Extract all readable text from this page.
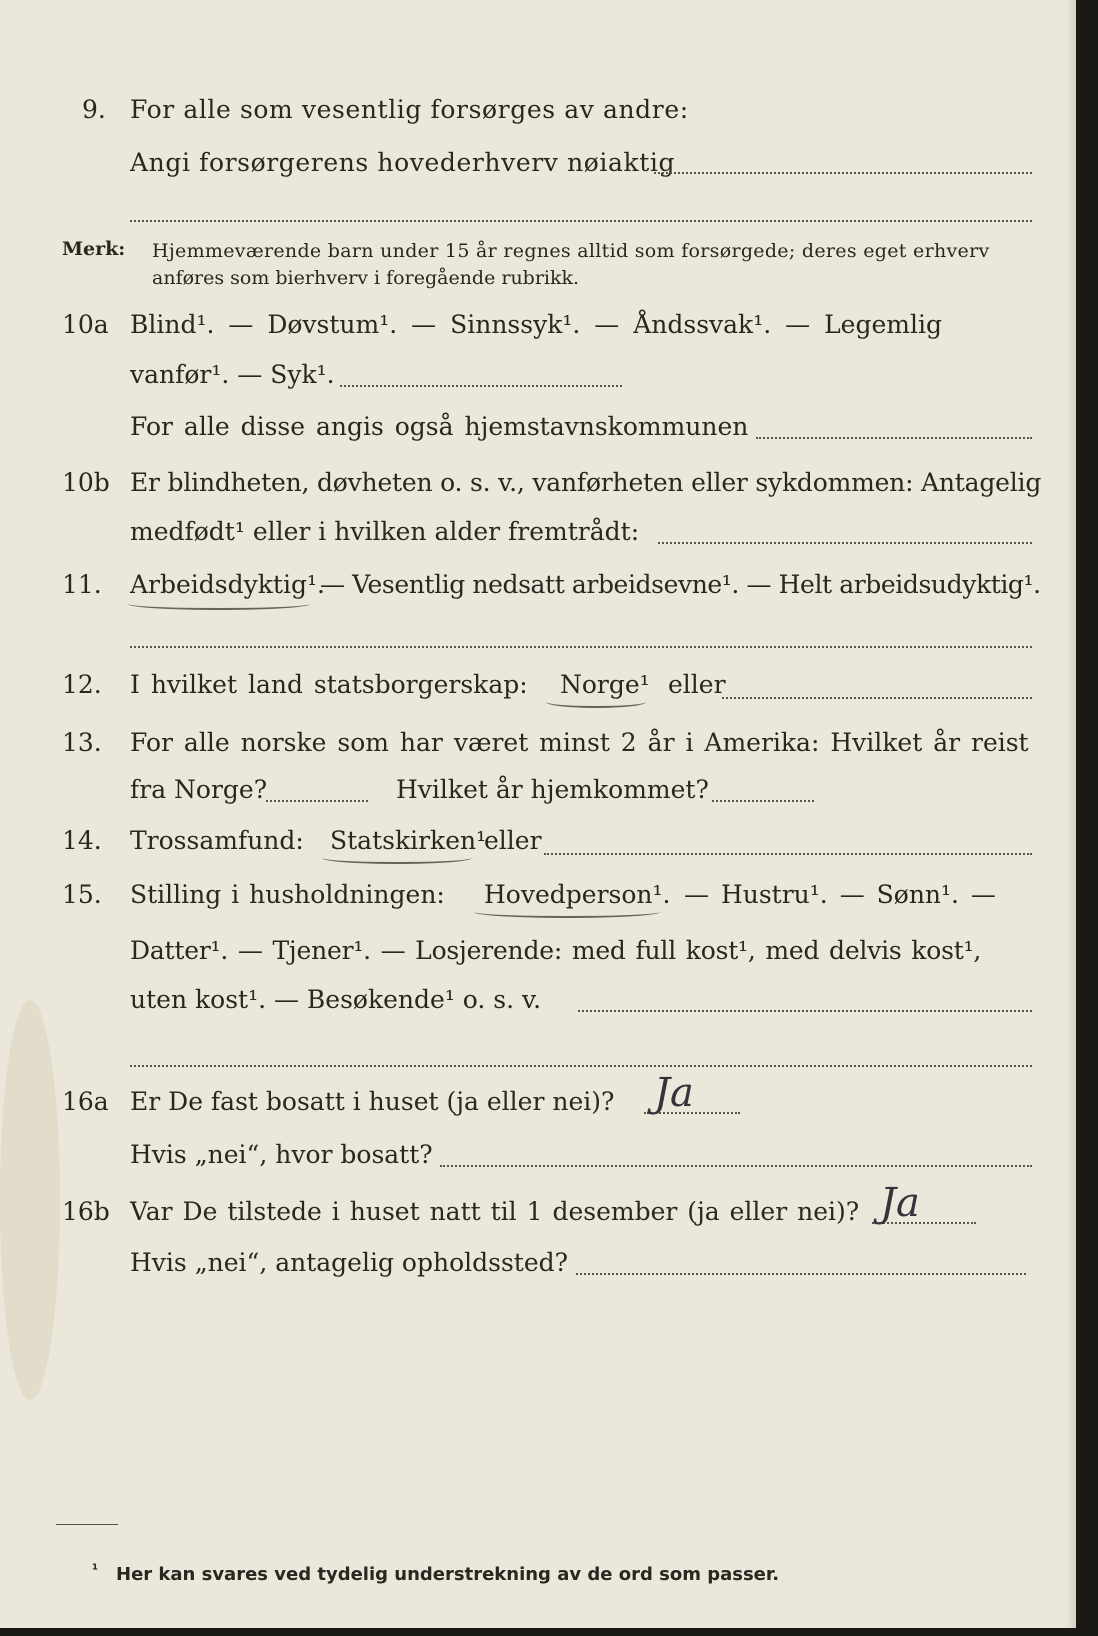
9. For alle som vesentlig forsørges av andre:
Angi forsørgerens hovederhverv nøiaktig
Merk: Hjemmeværende barn under 15 år regnes alltid som forsørgede; deres eget erhverv
anføres som bierhverv i foregående rubrikk.
10a Blind¹. — Døvstum¹. — Sinnssyk¹. — Åndssvak¹. — Legemlig
vanfør¹. — Syk¹.
For alle disse angis også hjemstavnskommunen
10b Er blindheten, døvheten o. s. v., vanførheten eller sykdommen: Antagelig
medfødt¹ eller i hvilken alder fremtrådt:
11. Arbeidsdyktig¹.
— Vesentlig nedsatt arbeidsevne¹. — Helt arbeidsudyktig¹.
12. I hvilket land statsborgerskap: Norge¹ eller
13. For alle norske som har været minst 2 år i Amerika: Hvilket år reist
fra Norge?	Hvilket år hjemkommet?
14. Trossamfund: Statskirken¹
eller
15. Stilling i husholdningen: Hovedperson¹. — Hustru¹. — Sønn¹. —
Datter¹. — Tjener¹. — Losjerende: med full kost¹, med delvis kost¹,
uten kost¹. — Besøkende¹ o. s. v.
16a Er De fast bosatt i huset (ja eller nei)? Ja
Hvis „nei“, hvor bosatt?
16b Var De tilstede i huset natt til 1 desember (ja eller nei)? Ja
Hvis „nei“, antagelig opholdssted?
¹ Her kan svares ved tydelig understrekning av de ord som passer.
